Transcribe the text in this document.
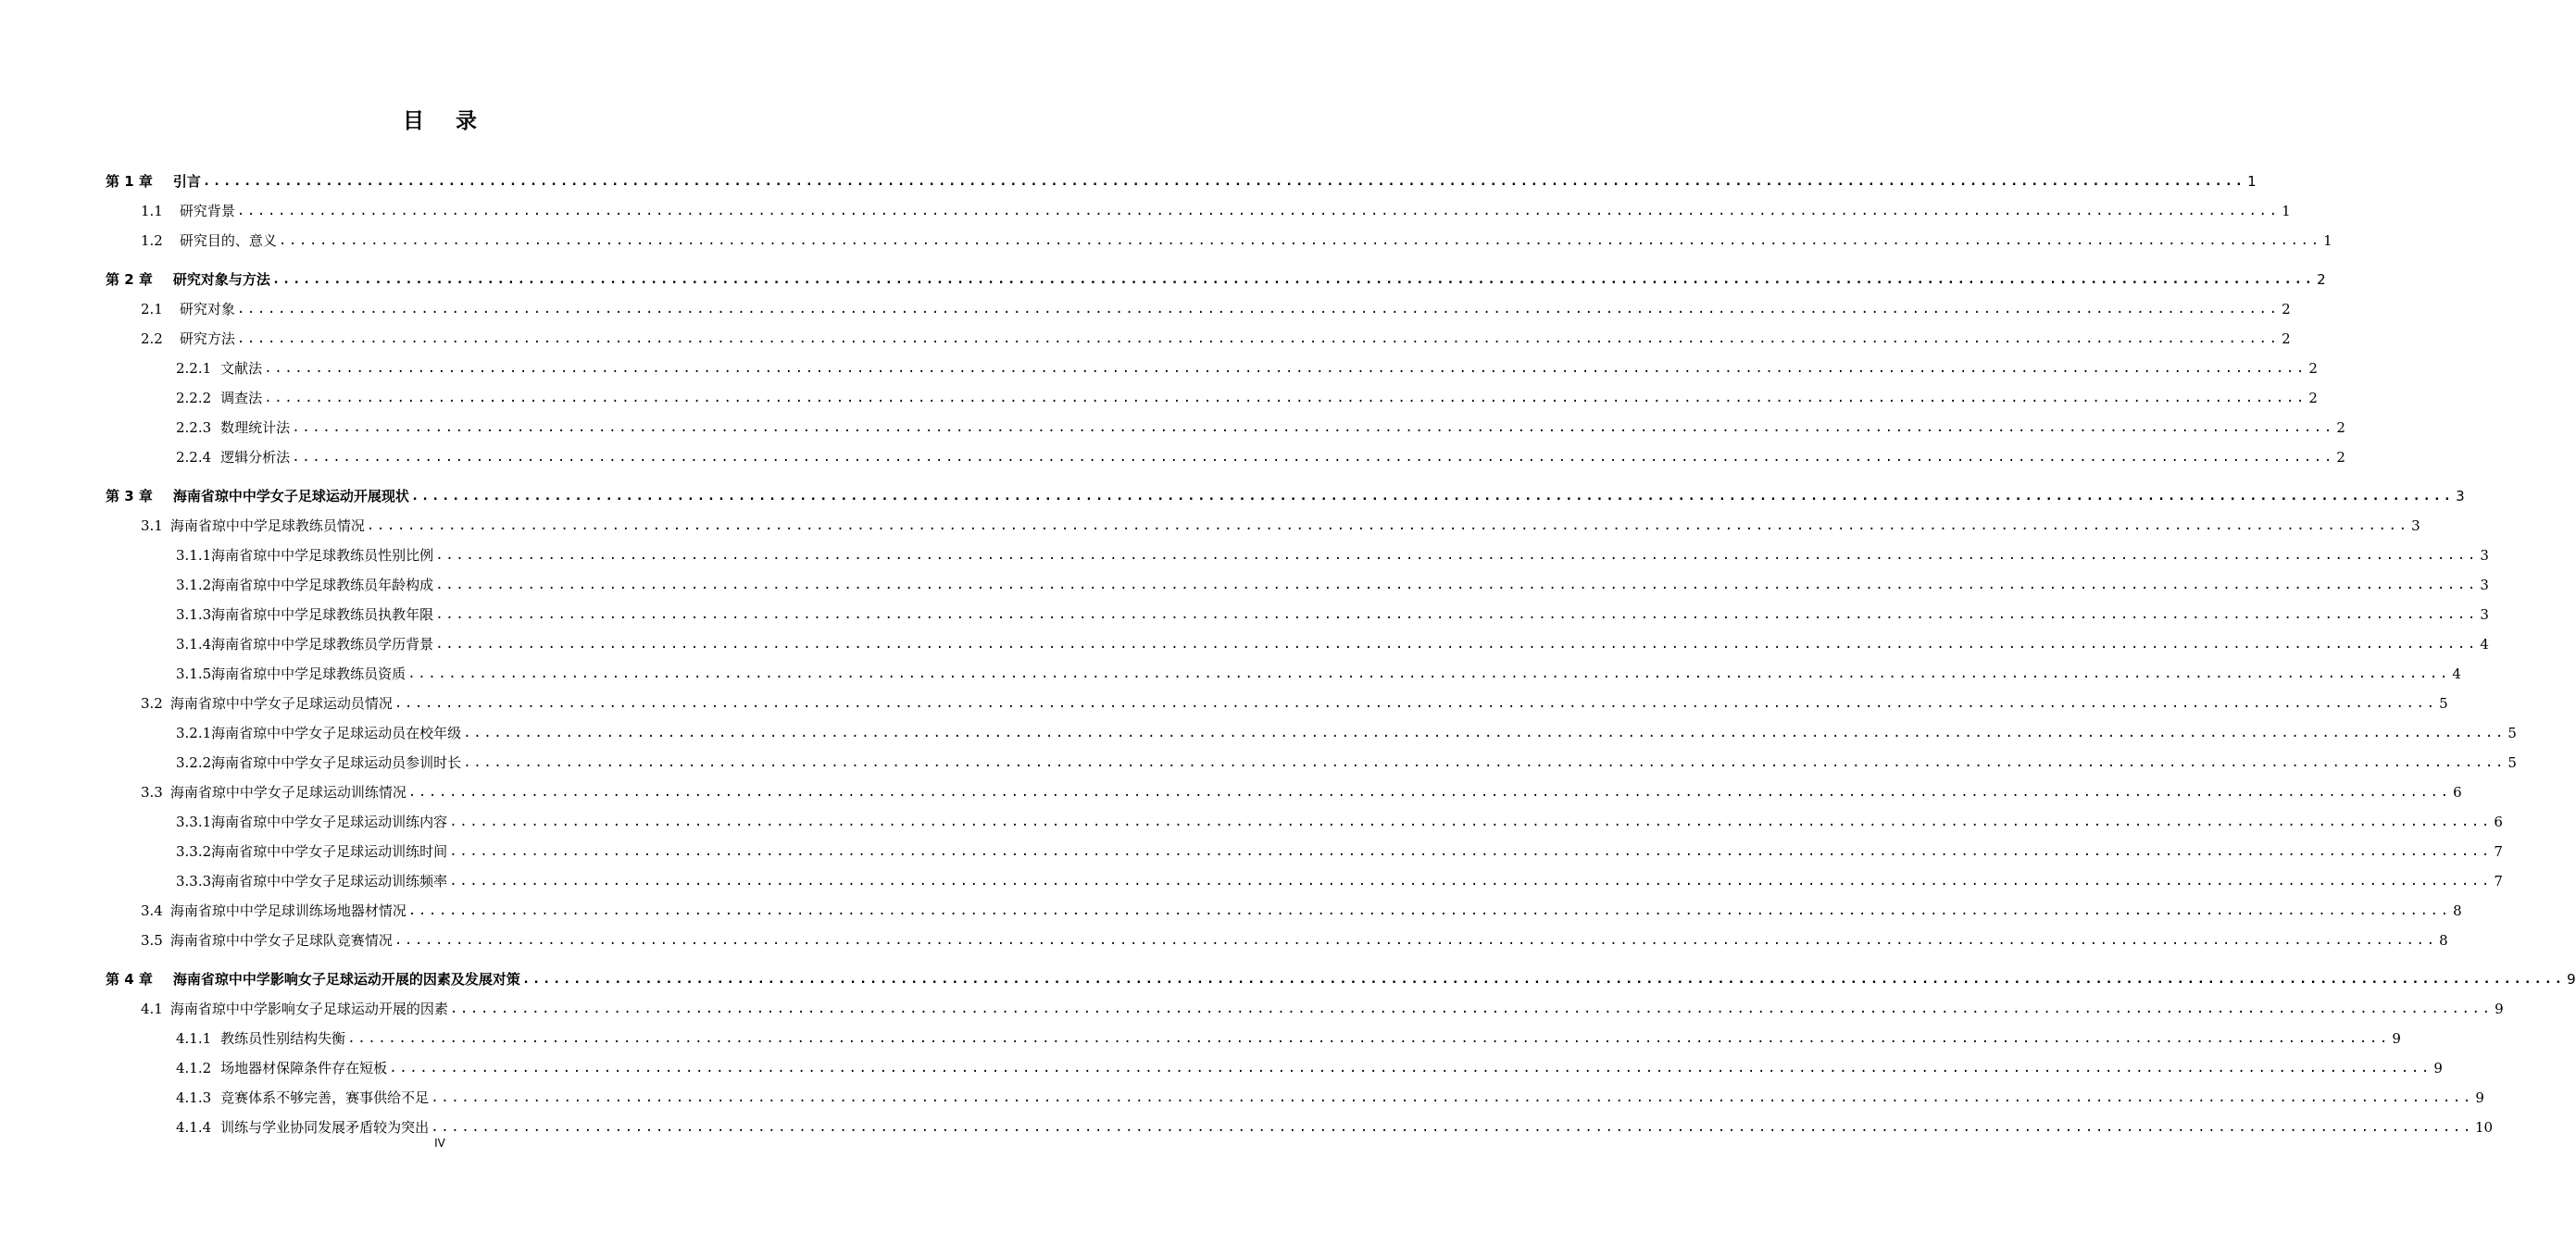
目录
第 1 章 引言 ........................................................................................................................................................................................................ 1
1.1 研究背景 ........................................................................................................................................................................................................ 1
1.2 研究目的、意义 ........................................................................................................................................................................................................ 1
第 2 章 研究对象与方法 ........................................................................................................................................................................................................ 2
2.1 研究对象 ........................................................................................................................................................................................................ 2
2.2 研究方法 ........................................................................................................................................................................................................ 2
2.2.1 文献法 ........................................................................................................................................................................................................ 2
2.2.2 调查法 ........................................................................................................................................................................................................ 2
2.2.3 数理统计法 ........................................................................................................................................................................................................ 2
2.2.4 逻辑分析法 ........................................................................................................................................................................................................ 2
第 3 章 海南省琼中中学女子足球运动开展现状 ........................................................................................................................................................................................................ 3
3.1 海南省琼中中学足球教练员情况 ........................................................................................................................................................................................................ 3
3.1.1海南省琼中中学足球教练员性别比例 ........................................................................................................................................................................................................ 3
3.1.2海南省琼中中学足球教练员年龄构成 ........................................................................................................................................................................................................ 3
3.1.3海南省琼中中学足球教练员执教年限 ........................................................................................................................................................................................................ 3
3.1.4海南省琼中中学足球教练员学历背景 ........................................................................................................................................................................................................ 4
3.1.5海南省琼中中学足球教练员资质 ........................................................................................................................................................................................................ 4
3.2 海南省琼中中学女子足球运动员情况 ........................................................................................................................................................................................................ 5
3.2.1海南省琼中中学女子足球运动员在校年级 ........................................................................................................................................................................................................ 5
3.2.2海南省琼中中学女子足球运动员参训时长 ........................................................................................................................................................................................................ 5
3.3 海南省琼中中学女子足球运动训练情况 ........................................................................................................................................................................................................ 6
3.3.1海南省琼中中学女子足球运动训练内容 ........................................................................................................................................................................................................ 6
3.3.2海南省琼中中学女子足球运动训练时间 ........................................................................................................................................................................................................ 7
3.3.3海南省琼中中学女子足球运动训练频率 ........................................................................................................................................................................................................ 7
3.4 海南省琼中中学足球训练场地器材情况 ........................................................................................................................................................................................................ 8
3.5 海南省琼中中学女子足球队竞赛情况 ........................................................................................................................................................................................................ 8
第 4 章 海南省琼中中学影响女子足球运动开展的因素及发展对策 ........................................................................................................................................................................................................ 9
4.1 海南省琼中中学影响女子足球运动开展的因素 ........................................................................................................................................................................................................ 9
4.1.1 教练员性别结构失衡 ........................................................................................................................................................................................................ 9
4.1.2 场地器材保障条件存在短板 ........................................................................................................................................................................................................ 9
4.1.3 竞赛体系不够完善，赛事供给不足 ........................................................................................................................................................................................................ 9
4.1.4 训练与学业协同发展矛盾较为突出 ........................................................................................................................................................................................................ 10
IV
